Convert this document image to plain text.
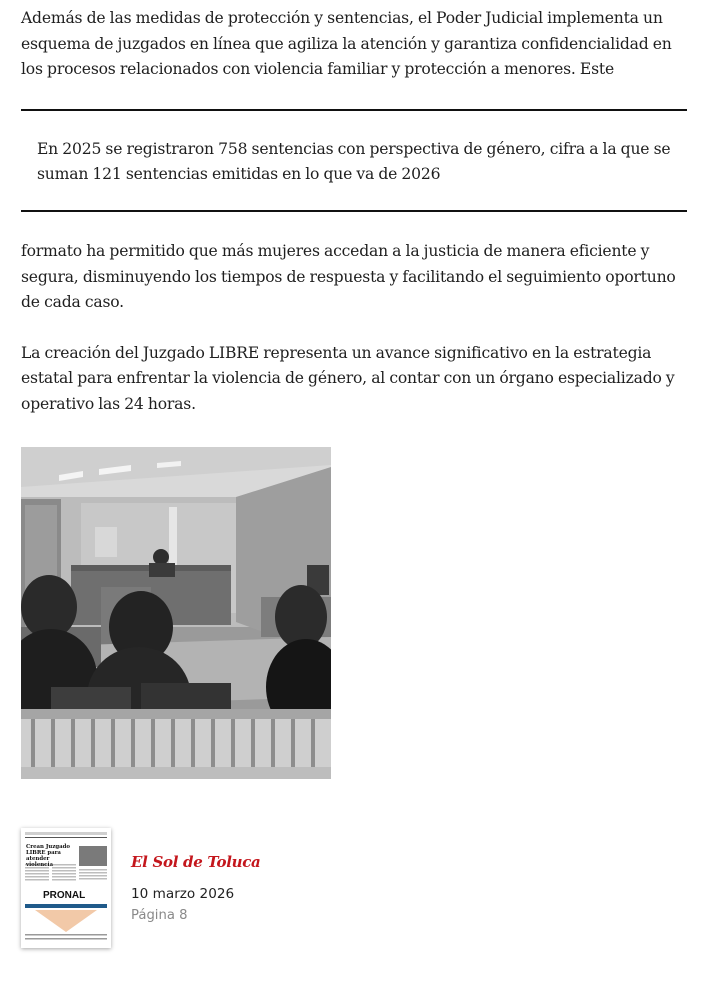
Además de las medidas de protección y sentencias, el Poder Judicial implementa un esquema de juzgados en línea que agiliza la atención y garantiza confidencialidad en los procesos relacionados con violencia familiar y protección a menores. Este

En 2025 se registraron 758 sentencias con perspectiva de género, cifra a la que se suman 121 sentencias emitidas en lo que va de 2026

formato ha permitido que más mujeres accedan a la justicia de manera eficiente y segura, disminuyendo los tiempos de respuesta y facilitando el seguimiento oportuno de cada caso.

La creación del Juzgado LIBRE representa un avance significativo en la estrategia estatal para enfrentar la violencia de género, al contar con un órgano especializado y operativo las 24 horas.

Crean Juzgado LIBRE para atender violencia
PRONAL
El Sol de Toluca
10 marzo 2026
Página 8
